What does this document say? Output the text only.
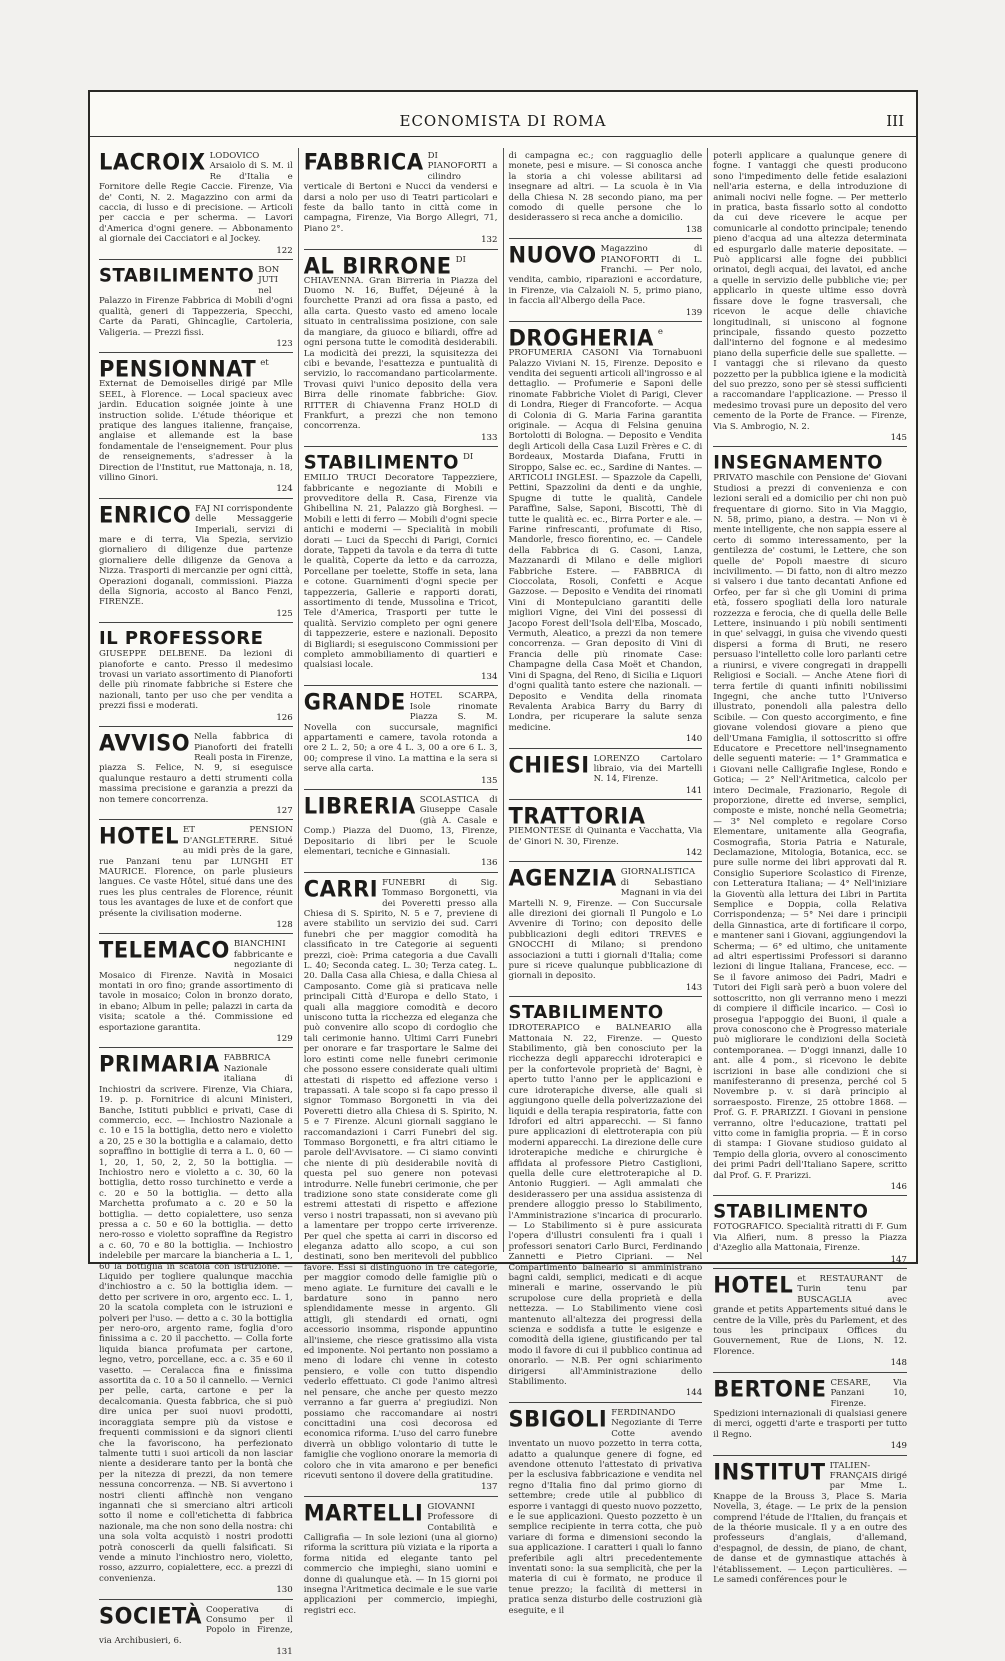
ECONOMISTA DI ROMA	III
LACROIX LODOVICO Arsaiolo di S. M. il Re d'Italia e Fornitore delle Regie Caccie. Firenze, Via de' Conti, N. 2. Magazzino con armi da caccia, di lusso e di precisione. — Articoli per caccia e per scherma. — Lavori d'America d'ogni genere. — Abbonamento al giornale dei Cacciatori e al Jockey.
122
STABILIMENTO BON JUTI nel Palazzo in Firenze Fabbrica di Mobili d'ogni qualità, generi di Tappezzeria, Specchi, Carte da Parati, Ghincaglie, Cartoleria, Valigeria. — Prezzi fissi.
123
PENSIONNAT et Externat de Demoiselles dirigé par Mlle SEEL, à Florence. — Local spacieux avec jardin. Education soignée jointe à une instruction solide. L'étude théorique et pratique des langues italienne, française, anglaise et allemande est la base fondamentale de l'enseignement. Pour plus de renseignements, s'adresser à la Direction de l'Institut, rue Mattonaja, n. 18, villino Ginori.
124
ENRICO FAJ NI corrispondente delle Messaggerie Imperiali, servizi di mare e di terra, Via Spezia, servizio giornaliero di diligenze due partenze giornaliere delle diligenze da Genova a Nizza. Trasporti di mercanzie per ogni città, Operazioni doganali, commissioni. Piazza della Signoria, accosto al Banco Fenzi, FIRENZE.
125
IL PROFESSORE
GIUSEPPE DELBENE. Da lezioni di pianoforte e canto. Presso il medesimo trovasi un variato assortimento di Pianoforti delle più rinomate fabbriche si Estere che nazionali, tanto per uso che per vendita a prezzi fissi e moderati.
126
AVVISO Nella fabbrica di Pianoforti dei fratelli Reali posta in Firenze, piazza S. Felice, N. 9, si eseguisce qualunque restauro a detti strumenti colla massima precisione e garanzia a prezzi da non temere concorrenza.
127
HOTEL ET PENSION D'ANGLETERRE. Situé au midi près de la gare, rue Panzani tenu par LUNGHI ET MAURICE. Florence, on parle plusieurs langues. Ce vaste Hôtel, situé dans une des rues les plus centrales de Florence, réunit tous les avantages de luxe et de confort que présente la civilisation moderne.
128
TELEMACO BIANCHINI fabbricante e negoziante di Mosaico di Firenze. Navità in Mosaici montati in oro fino; grande assortimento di tavole in mosaico; Colon in bronzo dorato, in ebano; Album in pelle; palazzi in carta da visita; scatole a thé. Commissione ed esportazione garantita.
129
PRIMARIA FABBRICA Nazionale italiana di Inchiostri da scrivere. Firenze, Via Chiara, 19. p. p. Fornitrice di alcuni Ministeri, Banche, Istituti pubblici e privati, Case di commercio, ecc. — Inchiostro Nazionale a c. 10 e 15 la bottiglia, detto nero e violetto a 20, 25 e 30 la bottiglia e a calamaio, detto sopraffino in bottiglie di terra a L. 0, 60 — 1, 20, 1, 50, 2, 2, 50 la bottiglia. — Inchiostro nero e violetto a c. 30, 60 la bottiglia, detto rosso turchinetto e verde a c. 20 e 50 la bottiglia. — detto alla Marchetta profumato a c. 20 e 50 la bottiglia. — detto copialettere, uso senza pressa a c. 50 e 60 la bottiglia. — detto nero-rosso e violetto sopraffine da Registro a c. 60, 70 e 80 la bottiglia. — Inchiostro indelebile per marcare la biancheria a L. 1, 60 la bottiglia in scatola con istruzione. — Liquido per togliere qualunque macchia d'inchiostro a c. 50 la bottiglia idem. — detto per scrivere in oro, argento ecc. L. 1, 20 la scatola completa con le istruzioni e polveri per l'uso. — detto a c. 30 la bottiglia per nero-oro, argento rame, foglia d'oro finissima a c. 20 il pacchetto. — Colla forte liquida bianca profumata per cartone, legno, vetro, porcellane, ecc. a c. 35 e 60 il vasetto. — Ceralacca fina e finissima assortita da c. 10 a 50 il cannello. — Vernici per pelle, carta, cartone e per la decalcomania. Questa fabbrica, che si può dire unica per suoi nuovi prodotti, incoraggiata sempre più da vistose e frequenti commissioni e da signori clienti che la favoriscono, ha perfezionato talmente tutti i suoi articoli da non lasciar niente a desiderare tanto per la bontà che per la nitezza di prezzi, da non temere nessuna concorrenza. — NB. Si avvertono i nostri clienti affinchè non vengano ingannati che si smerciano altri articoli sotto il nome e coll'etichetta di fabbrica nazionale, ma che non sono della nostra: chi una sola volta acquistò i nostri prodotti potrà conoscerli da quelli falsificati. Si vende a minuto l'inchiostro nero, violetto, rosso, azzurro, copialettere, ecc. a prezzi di convenienza.
130
SOCIETÀ Cooperativa di Consumo per il Popolo in Firenze, via Archibusieri, 6.
131
FABBRICA DI PIANOFORTI a cilindro verticale di Bertoni e Nucci da vendersi e darsi a nolo per uso di Teatri particolari e feste da ballo tanto in città come in campagna, Firenze, Via Borgo Allegri, 71, Piano 2°.
132
AL BIRRONE DI CHIAVENNA. Gran Birreria in Piazza del Duomo N. 16, Buffet, Déjeuné à la fourchette Pranzi ad ora fissa a pasto, ed alla carta. Questo vasto ed ameno locale situato in centralissima posizione, con sale da mangiare, da giuoco e biliardi, offre ad ogni persona tutte le comodità desiderabili. La modicità dei prezzi, la squisitezza dei cibi e bevande, l'esattezza e puntualità di servizio, lo raccomandano particolarmente. Trovasi quivi l'unico deposito della vera Birra delle rinomate fabbriche: Giov. RITTER di Chiavenna Franz HOLD di Frankfurt, a prezzi che non temono concorrenza.
133
STABILIMENTO DI EMILIO TRUCI Decoratore Tappezziere, fabbricante e negoziante di Mobili e provveditore della R. Casa, Firenze via Ghibellina N. 21, Palazzo già Borghesi. — Mobili e letti di ferro — Mobili d'ogni specie antichi e moderni — Specialità in mobili dorati — Luci da Specchi di Parigi, Cornici dorate, Tappeti da tavola e da terra di tutte le qualità, Coperte da letto e da carrozza, Porcellane per toelette, Stoffe in seta, lana e cotone. Guarnimenti d'ogni specie per tappezzeria, Gallerie e rapporti dorati, assortimento di tende, Mussolina e Tricot, Tele d'America, Trasporti per tutte le qualità. Servizio completo per ogni genere di tappezzerie, estere e nazionali. Deposito di Bigliardi; si eseguiscono Commissioni per completo ammobiliamento di quartieri e qualsiasi locale.
134
GRANDE HOTEL SCARPA, Isole rinomate Piazza S. M. Novella con succursale, magnifici appartamenti e camere, tavola rotonda a ore 2 L. 2, 50; a ore 4 L. 3, 00 a ore 6 L. 3, 00; comprese il vino. La mattina e la sera si serve alla carta.
135
LIBRERIA SCOLASTICA di Giuseppe Casale (già A. Casale e Comp.) Piazza del Duomo, 13, Firenze, Depositario di libri per le Scuole elementari, tecniche e Ginnasiali.
136
CARRI FUNEBRI di Sig. Tommaso Borgonetti, via dei Poveretti presso alla Chiesa di S. Spirito, N. 5 e 7, previene di avere stabilito un servizio dei sud. Carri funebri che per maggior comodità ha classificato in tre Categorie ai seguenti prezzi, cioè: Prima categoria a due Cavalli L. 40; Seconda categ. L. 30; Terza categ. L. 20. Dalla Casa alla Chiesa, e dalla Chiesa al Camposanto. Come già si praticava nelle principali Città d'Europa e dello Stato, i quali alla maggiore comodità e decoro uniscono tutta la ricchezza ed eleganza che può convenire allo scopo di cordoglio che tali cerimonie hanno. Ultimi Carri Funebri per onorare e far trasportare le Salme dei loro estinti come nelle funebri cerimonie che possono essere considerate quali ultimi attestati di rispetto ed affezione verso i trapassati. A tale scopo si fa capo presso il signor Tommaso Borgonetti in via dei Poveretti dietro alla Chiesa di S. Spirito, N. 5 e 7 Firenze. Alcuni giornali saggiano le raccomandazioni i Carri Funebri del sig. Tommaso Borgonetti, e fra altri citiamo le parole dell'Avvisatore. — Ci siamo convinti che niente di più desiderabile novità di questa pel suo genere non potevasi introdurre. Nelle funebri cerimonie, che per tradizione sono state considerate come gli estremi attestati di rispetto e affezione verso i nostri trapassati, non si avevano più a lamentare per troppo certe irriverenze. Per quel che spetta ai carri in discorso ed eleganza adatto allo scopo, a cui son destinati, sono ben meritevoli del pubblico favore. Essi si distinguono in tre categorie, per maggior comodo delle famiglie più o meno agiate. Le furniture dei cavalli e le bardature sono in panno nero splendidamente messe in argento. Gli attigli, gli stendardi ed ornati, ogni accessorio insomma, risponde appuntino all'insieme, che riesce gratissimo alla vista ed imponente. Noi pertanto non possiamo a meno di lodare chi venne in cotesto pensiero, e volle con tutto dispendio vederlo effettuato. Ci gode l'animo altresì nel pensare, che anche per questo mezzo verranno a far guerra a' pregiudizi. Non possiamo che raccomandare ai nostri concittadini una così decorosa ed economica riforma. L'uso del carro funebre diverrà un obbligo volontario di tutte le famiglie che vogliono onorare la memoria di coloro che in vita amarono e per benefici ricevuti sentono il dovere della gratitudine.
137
MARTELLI GIOVANNI Professore di Contabilità e Calligrafia — In sole lezioni (una al giorno) riforma la scrittura più viziata e la riporta a forma nitida ed elegante tanto pel commercio che impieghi, siano uomini e donne di qualunque età. — In 15 giorni poi insegna l'Aritmetica decimale e le sue varie applicazioni per commercio, impieghi, registri ecc.
di campagna ec.; con ragguaglio delle monete, pesi e misure. — Si conosca anche la storia a chi volesse abilitarsi ad insegnare ad altri. — La scuola è in Via della Chiesa N. 28 secondo piano, ma per comodo di quelle persone che lo desiderassero si reca anche a domicilio.
138
NUOVO Magazzino di PIANOFORTI di L. Franchi. — Per nolo, vendita, cambio, riparazioni e accordature, in Firenze, via Calzaioli N. 5, primo piano, in faccia all'Albergo della Pace.
139
DROGHERIA e PROFUMERIA CASONI Via Tornabuoni Palazzo Viviani N. 15, Firenze. Deposito e vendita dei seguenti articoli all'ingrosso e al dettaglio. — Profumerie e Saponi delle rinomate Fabbriche Violet di Parigi, Clever di Londra, Rieger di Francoforte. — Acqua di Colonia di G. Maria Farina garantita originale. — Acqua di Felsina genuina Bortolotti di Bologna. — Deposito e Vendita degli Articoli della Casa Luzil Frères e C. di Bordeaux, Mostarda Diafana, Frutti in Siroppo, Salse ec. ec., Sardine di Nantes. — ARTICOLI INGLESI. — Spazzole da Capelli, Pettini, Spazzolini da denti e da unghie, Spugne di tutte le qualità, Candele Paraffine, Salse, Saponi, Biscotti, Thè di tutte le qualità ec. ec., Birra Porter e ale. — Farine rinfrescanti, profumate di Riso, Mandorle, fresco fiorentino, ec. — Candele della Fabbrica di G. Casoni, Lanza, Mazzanardi di Milano e delle migliori Fabbriche Estere. — FABBRICA di Cioccolata, Rosoli, Confetti e Acque Gazzose. — Deposito e Vendita dei rinomati Vini di Montepulciano garantiti delle migliori Vigne, dei Vini dei possessi di Jacopo Forest dell'Isola dell'Elba, Moscado, Vermuth, Aleatico, a prezzi da non temere concorrenza. — Gran deposito di Vini di Francia delle più rinomate Case: Champagne della Casa Moët et Chandon, Vini di Spagna, del Reno, di Sicilia e Liquori d'ogni qualità tanto estere che nazionali. — Deposito e Vendita della rinomata Revalenta Arabica Barry du Barry di Londra, per ricuperare la salute senza medicine.
140
CHIESI LORENZO Cartolaro libraio, via dei Martelli N. 14, Firenze.
141
TRATTORIA
PIEMONTESE di Quinanta e Vacchatta, Via de' Ginori N. 30, Firenze.
142
AGENZIA GIORNALISTICA di Sebastiano Magnani in via dei Martelli N. 9, Firenze. — Con Succursale alle direzioni dei giornali Il Pungolo e Lo Avvenire di Torino; con deposito delle pubblicazioni degli editori TREVES e GNOCCHI di Milano; si prendono associazioni a tutti i giornali d'Italia; come pure si riceve qualunque pubblicazione di giornali in deposito.
143
STABILIMENTO
IDROTERAPICO e BALNEARIO alla Mattonaia N. 22, Firenze. — Questo Stabilimento, già ben conosciuto per la ricchezza degli apparecchi idroterapici e per la confortevole proprietà de' Bagni, è aperto tutto l'anno per le applicazioni e cure idroterapiche diverse, alle quali si aggiungono quelle della polverizzazione dei liquidi e della terapia respiratoria, fatte con Idrofori ed altri apparecchi. — Si fanno pure applicazioni di elettroterapia con più moderni apparecchi. La direzione delle cure idroterapiche mediche e chirurgiche è affidata al professore Pietro Castiglioni, quella delle cure elettroterapiche al D. Antonio Ruggieri. — Agli ammalati che desiderassero per una assidua assistenza di prendere alloggio presso lo Stabilimento, l'Amministrazione s'incarica di procurarlo. — Lo Stabilimento si è pure assicurata l'opera d'illustri consulenti fra i quali i professori senatori Carlo Burci, Ferdinando Zannetti e Pietro Cipriani. — Nel Compartimento balneario si amministrano bagni caldi, semplici, medicati e di acque minerali e marine, osservando le più scrupolose cure della proprietà e della nettezza. — Lo Stabilimento viene così mantenuto all'altezza dei progressi della scienza e soddisfa a tutte le esigenze e comodità della igiene, giustificando per tal modo il favore di cui il pubblico continua ad onorarlo. — N.B. Per ogni schiarimento dirigersi all'Amministrazione dello Stabilimento.
144
SBIGOLI FERDINANDO Negoziante di Terre Cotte avendo inventato un nuovo pozzetto in terra cotta, adatto a qualunque genere di fogne, ed avendone ottenuto l'attestato di privativa per la esclusiva fabbricazione e vendita nel regno d'Italia fino dal primo giorno di settembre; crede utile al pubblico di esporre i vantaggi di questo nuovo pozzetto, e le sue applicazioni. Questo pozzetto è un semplice recipiente in terra cotta, che può variare di forma e dimensioni secondo la sua applicazione. I caratteri i quali lo fanno preferibile agli altri precedentemente inventati sono: la sua semplicità, che per la materia di cui è formato, ne produce il tenue prezzo; la facilità di mettersi in pratica senza disturbo delle costruzioni già eseguite, e il
poterli applicare a qualunque genere di fogne. I vantaggi che questi producono sono l'impedimento delle fetide esalazioni nell'aria esterna, e della introduzione di animali nocivi nelle fogne. — Per metterlo in pratica, basta fissarlo sotto al condotto da cui deve ricevere le acque per comunicarle al condotto principale; tenendo pieno d'acqua ad una altezza determinata ed espurgarlo dalle materie depositate. — Può applicarsi alle fogne dei pubblici orinatoi, degli acquai, dei lavatoi, ed anche a quelle in servizio delle pubbliche vie; per applicarlo in queste ultime esso dovrà fissare dove le fogne trasversali, che ricevon le acque delle chiaviche longitudinali, si uniscono al fognone principale, fissando questo pozzetto dall'interno del fognone e al medesimo piano della superficie delle sue spallette. — I vantaggi che si rilevano da questo pozzetto per la pubblica igiene e la modicità del suo prezzo, sono per sè stessi sufficienti a raccomandare l'applicazione. — Presso il medesimo trovasi pure un deposito del vero cemento de la Porte de France. — Firenze, Via S. Ambrogio, N. 2.
145
INSEGNAMENTO
PRIVATO maschile con Pensione de' Giovani Studiosi a prezzi di convenienza e con lezioni serali ed a domicilio per chi non può frequentare di giorno. Sito in Via Maggio, N. 58, primo, piano, a destra. — Non vi è mente intelligente, che non sappia essere al certo di sommo interessamento, per la gentilezza de' costumi, le Lettere, che son quelle de' Popoli maestre di sicuro incivilimento. — Di fatto, non di altro mezzo si valsero i due tanto decantati Anfione ed Orfeo, per far sì che gli Uomini di prima età, fossero spogliati della loro naturale rozzezza e ferocia, che di quella delle Belle Lettere, insinuando i più nobili sentimenti in que' selvaggi, in guisa che vivendo questi dispersi a forma di Bruti, ne resero persuaso l'intelletto colle loro parlanti cetre a riunirsi, e vivere congregati in drappelli Religiosi e Sociali. — Anche Atene fiorì di terra fertile di quanti infiniti nobilissimi Ingegni, che anche tutto l'Universo illustrato, ponendoli alla palestra dello Scibile. — Con questo accorgimento, e fine giovane volendosi giovare a pieno que dell'Umana Famiglia, il sottoscritto si offre Educatore e Precettore nell'insegnamento delle seguenti materie: — 1° Grammatica e i Giovani nelle Calligrafie Inglese, Rondo e Gotica; — 2° Nell'Aritmetica, calcolo per intero Decimale, Frazionario, Regole di proporzione, dirette ed inverse, semplici, composte e miste, nonché nella Geometria; — 3° Nel completo e regolare Corso Elementare, unitamente alla Geografia, Cosmografia, Storia Patria e Naturale, Declamazione, Mitologia, Botanica, ecc. se pure sulle norme dei libri approvati dal R. Consiglio Superiore Scolastico di Firenze, con Letteratura Italiana; — 4° Nell'iniziare la Gioventù alla lettura dei Libri in Partita Semplice e Doppia, colla Relativa Corrispondenza; — 5° Nei dare i principii della Ginnastica, arte di fortificare il corpo, e mantener sani i Giovani, aggiungendovi la Scherma; — 6° ed ultimo, che unitamente ad altri espertissimi Professori si daranno lezioni di lingue Italiana, Francese, ecc. — Se il favore animoso dei Padri, Madri e Tutori dei Figli sarà però a buon volere del sottoscritto, non gli verranno meno i mezzi di compiere il difficile incarico. — Così io prosegua l'appoggio dei Buoni, il quale a prova conoscono che è Progresso materiale può migliorare le condizioni della Società contemporanea. — D'oggi innanzi, dalle 10 ant. alle 4 pom., si ricevono le debite iscrizioni in base alle condizioni che si manifesteranno di presenza, perché col 5 Novembre p. v. si darà principio al sorraesposto. Firenze, 25 ottobre 1868. — Prof. G. F. PRARIZZI. I Giovani in pensione verranno, oltre l'educazione, trattati pel vitto come in famiglia propria. — È in corso di stampa: I Giovane studioso guidato al Tempio della gloria, ovvero al conoscimento dei primi Padri dell'Italiano Sapere, scritto dal Prof. G. F. Prarizzi.
146
STABILIMENTO
FOTOGRAFICO. Specialità ritratti di F. Gum Via Alfieri, num. 8 presso la Piazza d'Azeglio alla Mattonaia, Firenze.
147
HOTEL et RESTAURANT de Turin tenu par BUSCAGLIA avec grande et petits Appartements situé dans le centre de la Ville, près du Parlement, et des tous les principaux Offices du Gouvernement, Rue de Lions, N. 12. Florence.
148
BERTONE CESARE, Via Panzani 10, Firenze. Spedizioni internazionali di qualsiasi genere di merci, oggetti d'arte e trasporti per tutto il Regno.
149
INSTITUT ITALIEN-FRANÇAIS dirigé par Mme L. Knappe de la Brouss 3, Place S. Maria Novella, 3, étage. — Le prix de la pension comprend l'étude de l'Italien, du français et de la théorie musicale. Il y a en outre des professeurs d'anglais, d'allemand, d'espagnol, de dessin, de piano, de chant, de danse et de gymnastique attachés à l'établissement. — Leçon particulières. — Le samedi conférences pour le
